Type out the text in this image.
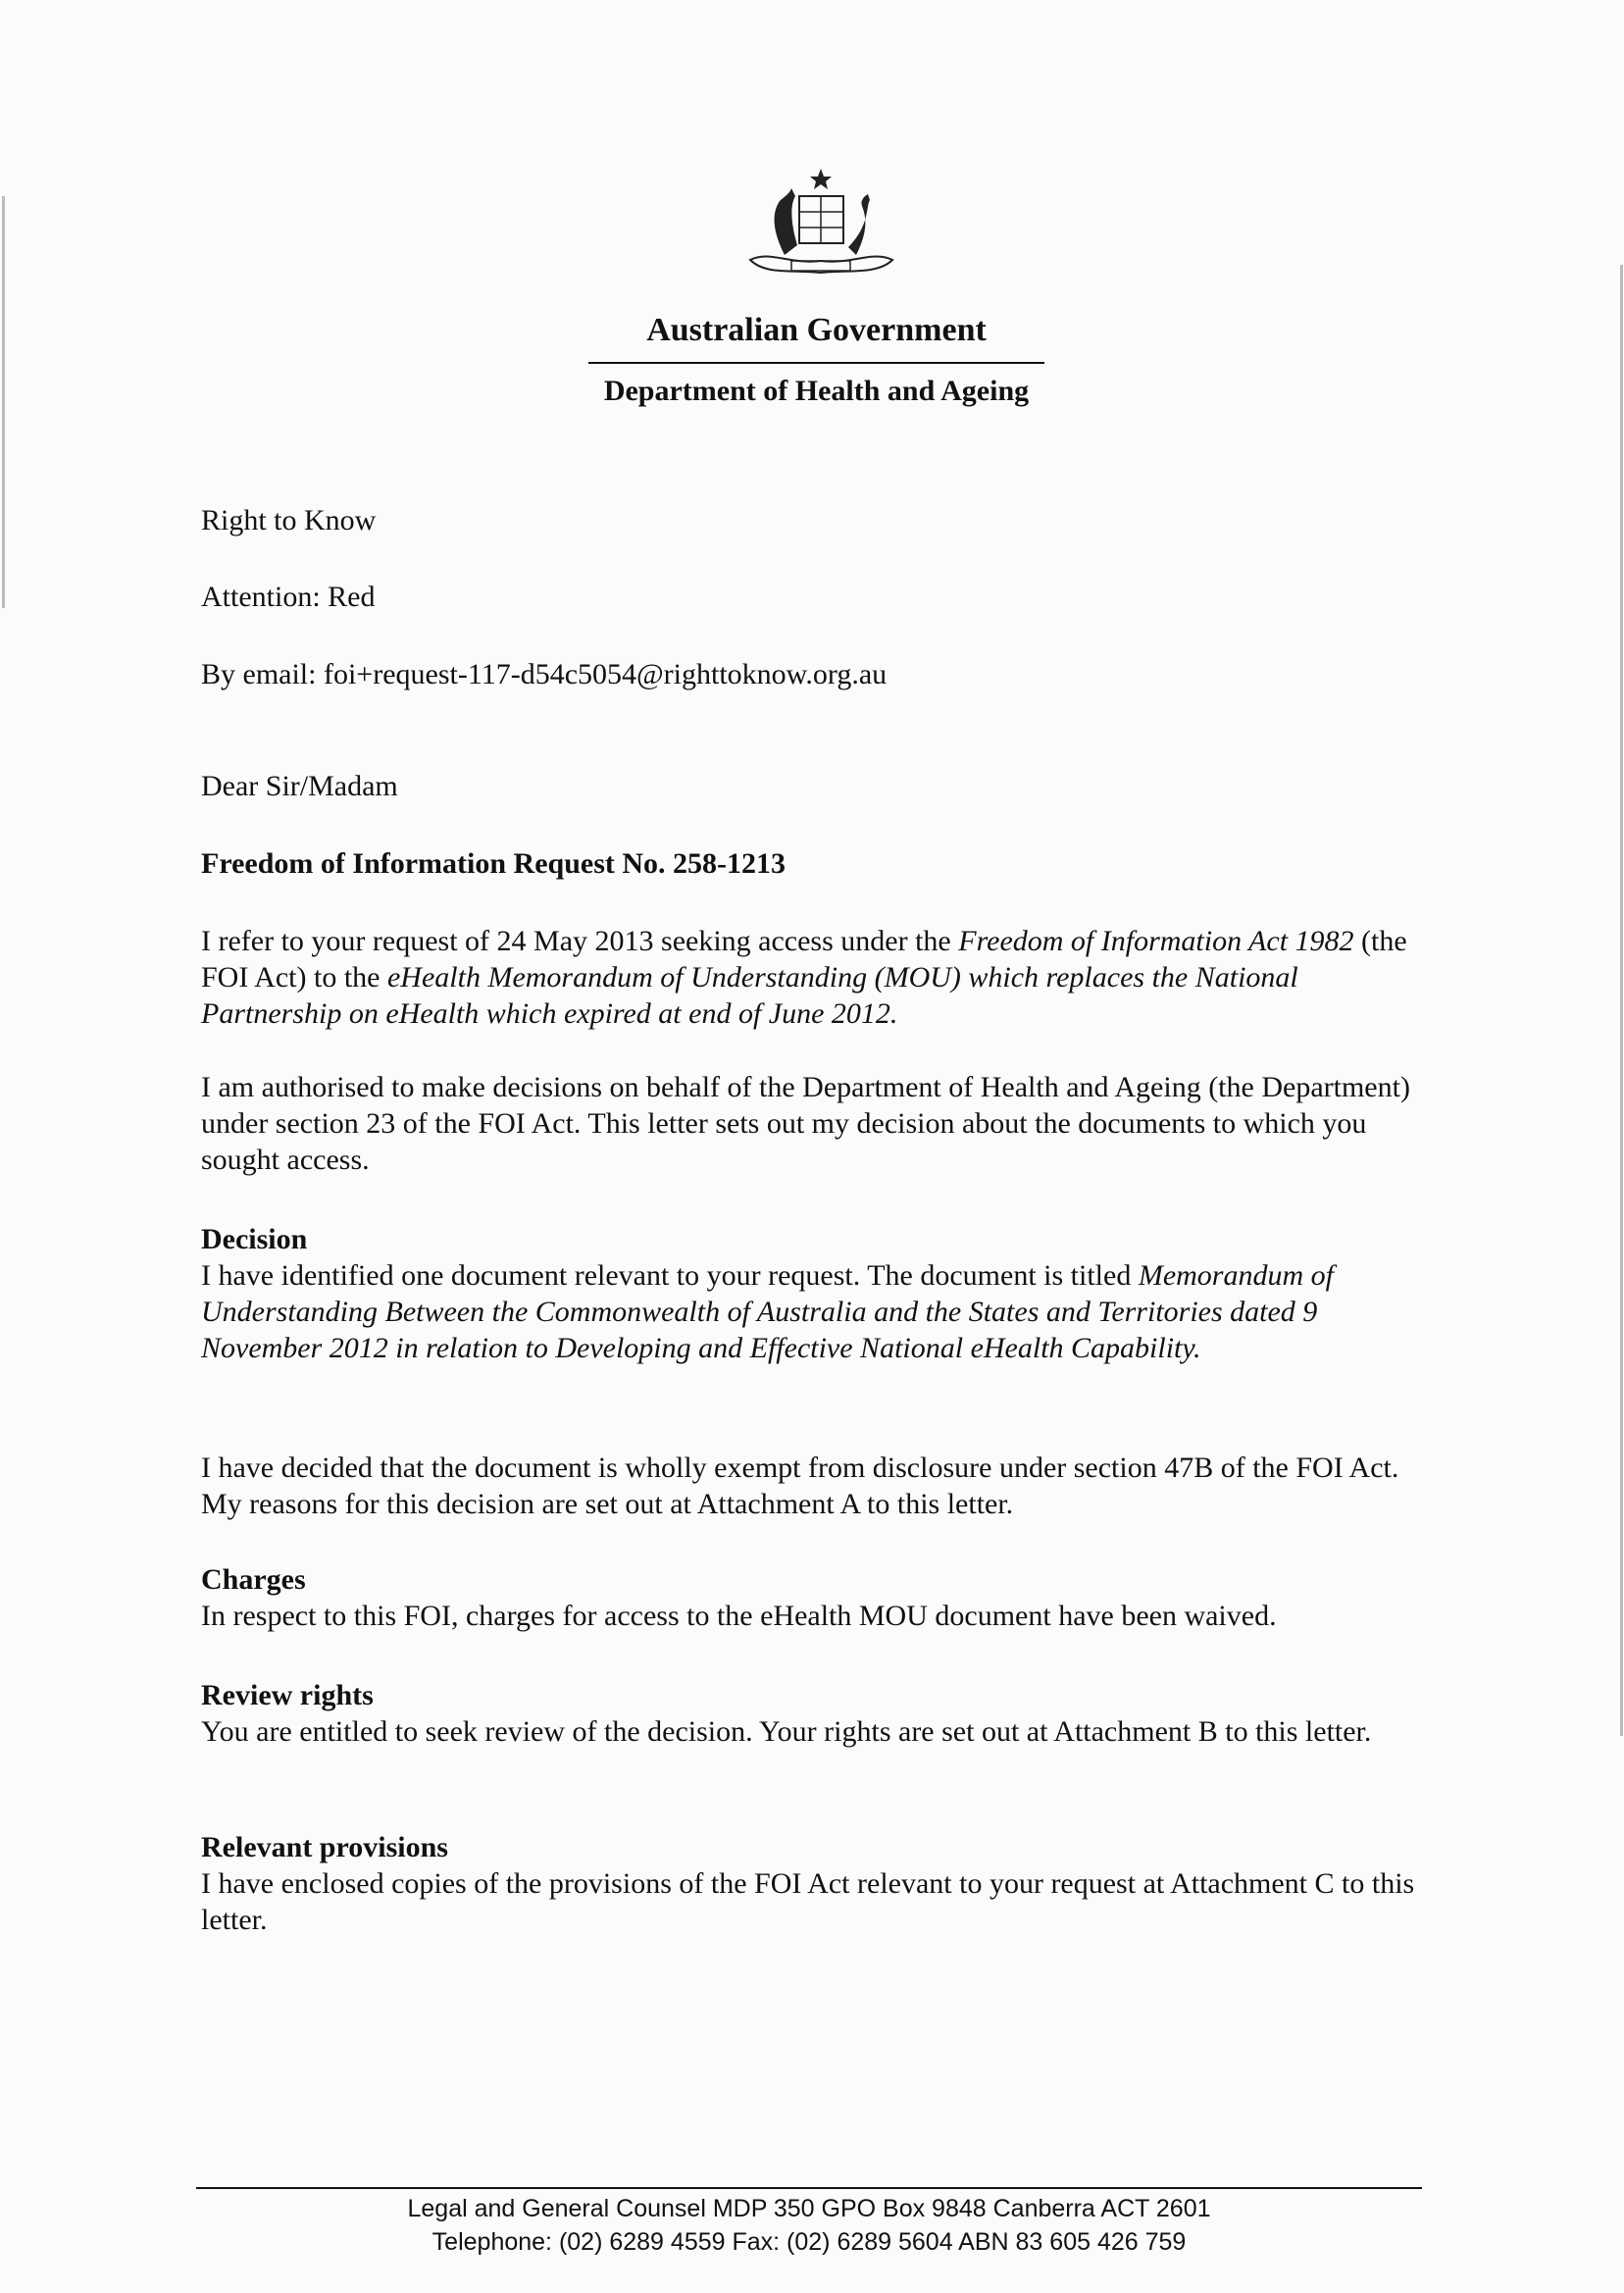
Australian Government
Department of Health and Ageing
Right to Know
Attention: Red
By email: foi+request-117-d54c5054@righttoknow.org.au
Dear Sir/Madam
Freedom of Information Request No. 258-1213
I refer to your request of 24 May 2013 seeking access under the Freedom of Information Act 1982 (the FOI Act) to the eHealth Memorandum of Understanding (MOU) which replaces the National Partnership on eHealth which expired at end of June 2012.
I am authorised to make decisions on behalf of the Department of Health and Ageing (the Department) under section 23 of the FOI Act. This letter sets out my decision about the documents to which you sought access.
Decision
I have identified one document relevant to your request. The document is titled Memorandum of Understanding Between the Commonwealth of Australia and the States and Territories dated 9 November 2012 in relation to Developing and Effective National eHealth Capability.
I have decided that the document is wholly exempt from disclosure under section 47B of the FOI Act. My reasons for this decision are set out at Attachment A to this letter.
Charges
In respect to this FOI, charges for access to the eHealth MOU document have been waived.
Review rights
You are entitled to seek review of the decision. Your rights are set out at Attachment B to this letter.
Relevant provisions
I have enclosed copies of the provisions of the FOI Act relevant to your request at Attachment C to this letter.
Legal and General Counsel MDP 350 GPO Box 9848 Canberra ACT 2601
Telephone: (02) 6289 4559 Fax: (02) 6289 5604 ABN 83 605 426 759
